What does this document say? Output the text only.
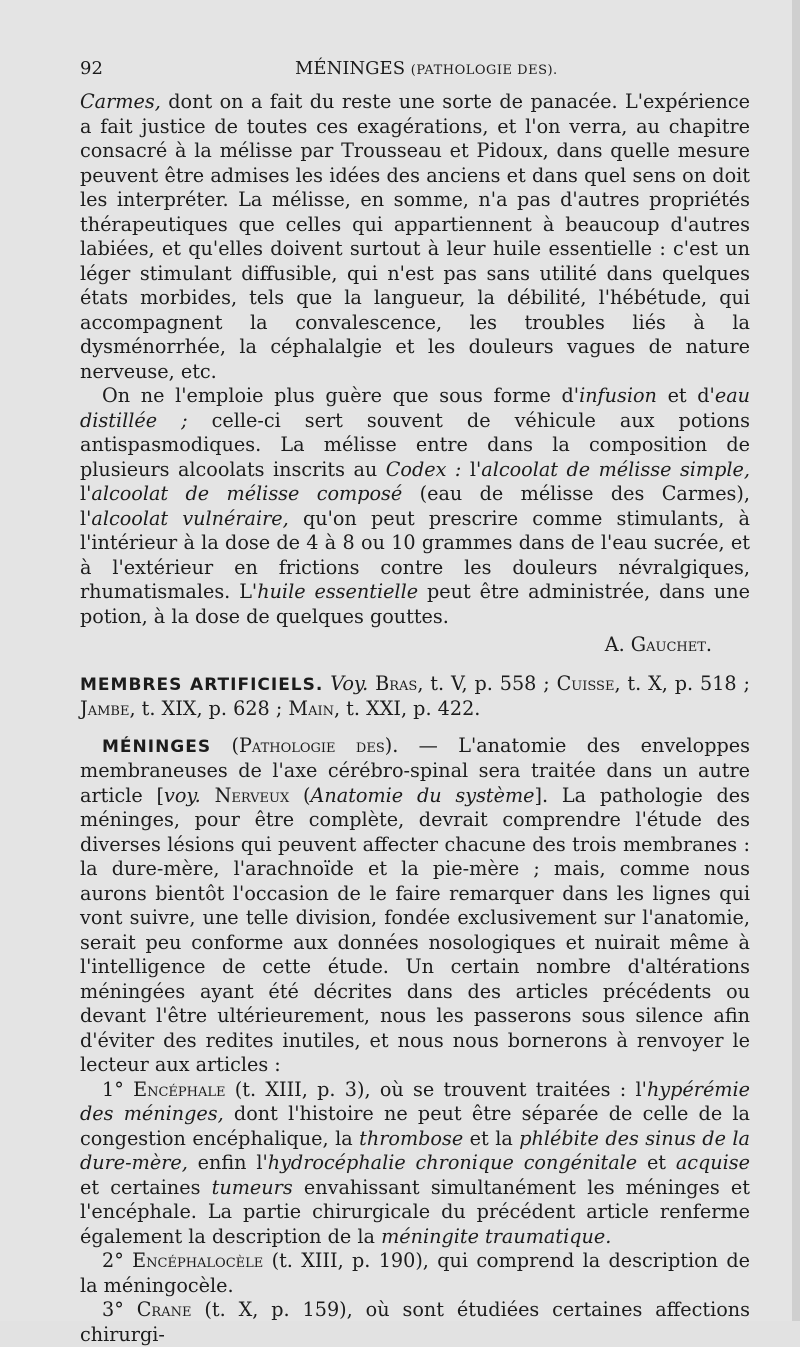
92	MÉNINGES (PATHOLOGIE DES).

Carmes, dont on a fait du reste une sorte de panacée. L'expérience a fait justice de toutes ces exagérations, et l'on verra, au chapitre consacré à la mélisse par Trousseau et Pidoux, dans quelle mesure peuvent être admises les idées des anciens et dans quel sens on doit les interpréter. La mélisse, en somme, n'a pas d'autres propriétés thérapeutiques que celles qui appartiennent à beaucoup d'autres labiées, et qu'elles doivent surtout à leur huile essentielle : c'est un léger stimulant diffusible, qui n'est pas sans utilité dans quelques états morbides, tels que la langueur, la débilité, l'hébétude, qui accompagnent la convalescence, les troubles liés à la dysménorrhée, la céphalalgie et les douleurs vagues de nature nerveuse, etc.

On ne l'emploie plus guère que sous forme d'infusion et d'eau distillée ; celle-ci sert souvent de véhicule aux potions antispasmodiques. La mélisse entre dans la composition de plusieurs alcoolats inscrits au Codex : l'alcoolat de mélisse simple, l'alcoolat de mélisse composé (eau de mélisse des Carmes), l'alcoolat vulnéraire, qu'on peut prescrire comme stimulants, à l'intérieur à la dose de 4 à 8 ou 10 grammes dans de l'eau sucrée, et à l'extérieur en frictions contre les douleurs névralgiques, rhumatismales. L'huile essentielle peut être administrée, dans une potion, à la dose de quelques gouttes.

A. Gauchet.

MEMBRES ARTIFICIELS. Voy. Bras, t. V, p. 558 ; Cuisse, t. X, p. 518 ; Jambe, t. XIX, p. 628 ; Main, t. XXI, p. 422.

MÉNINGES (Pathologie des). — L'anatomie des enveloppes membraneuses de l'axe cérébro-spinal sera traitée dans un autre article [voy. Nerveux (Anatomie du système]. La pathologie des méninges, pour être complète, devrait comprendre l'étude des diverses lésions qui peuvent affecter chacune des trois membranes : la dure-mère, l'arachnoïde et la pie-mère ; mais, comme nous aurons bientôt l'occasion de le faire remarquer dans les lignes qui vont suivre, une telle division, fondée exclusivement sur l'anatomie, serait peu conforme aux données nosologiques et nuirait même à l'intelligence de cette étude. Un certain nombre d'altérations méningées ayant été décrites dans des articles précédents ou devant l'être ultérieurement, nous les passerons sous silence afin d'éviter des redites inutiles, et nous nous bornerons à renvoyer le lecteur aux articles :

1° Encéphale (t. XIII, p. 3), où se trouvent traitées : l'hypérémie des méninges, dont l'histoire ne peut être séparée de celle de la congestion encéphalique, la thrombose et la phlébite des sinus de la dure-mère, enfin l'hydrocéphalie chronique congénitale et acquise et certaines tumeurs envahissant simultanément les méninges et l'encéphale. La partie chirurgicale du précédent article renferme également la description de la méningite traumatique.

2° Encéphalocèle (t. XIII, p. 190), qui comprend la description de la méningocèle.

3° Crane (t. X, p. 159), où sont étudiées certaines affections chirurgi-
